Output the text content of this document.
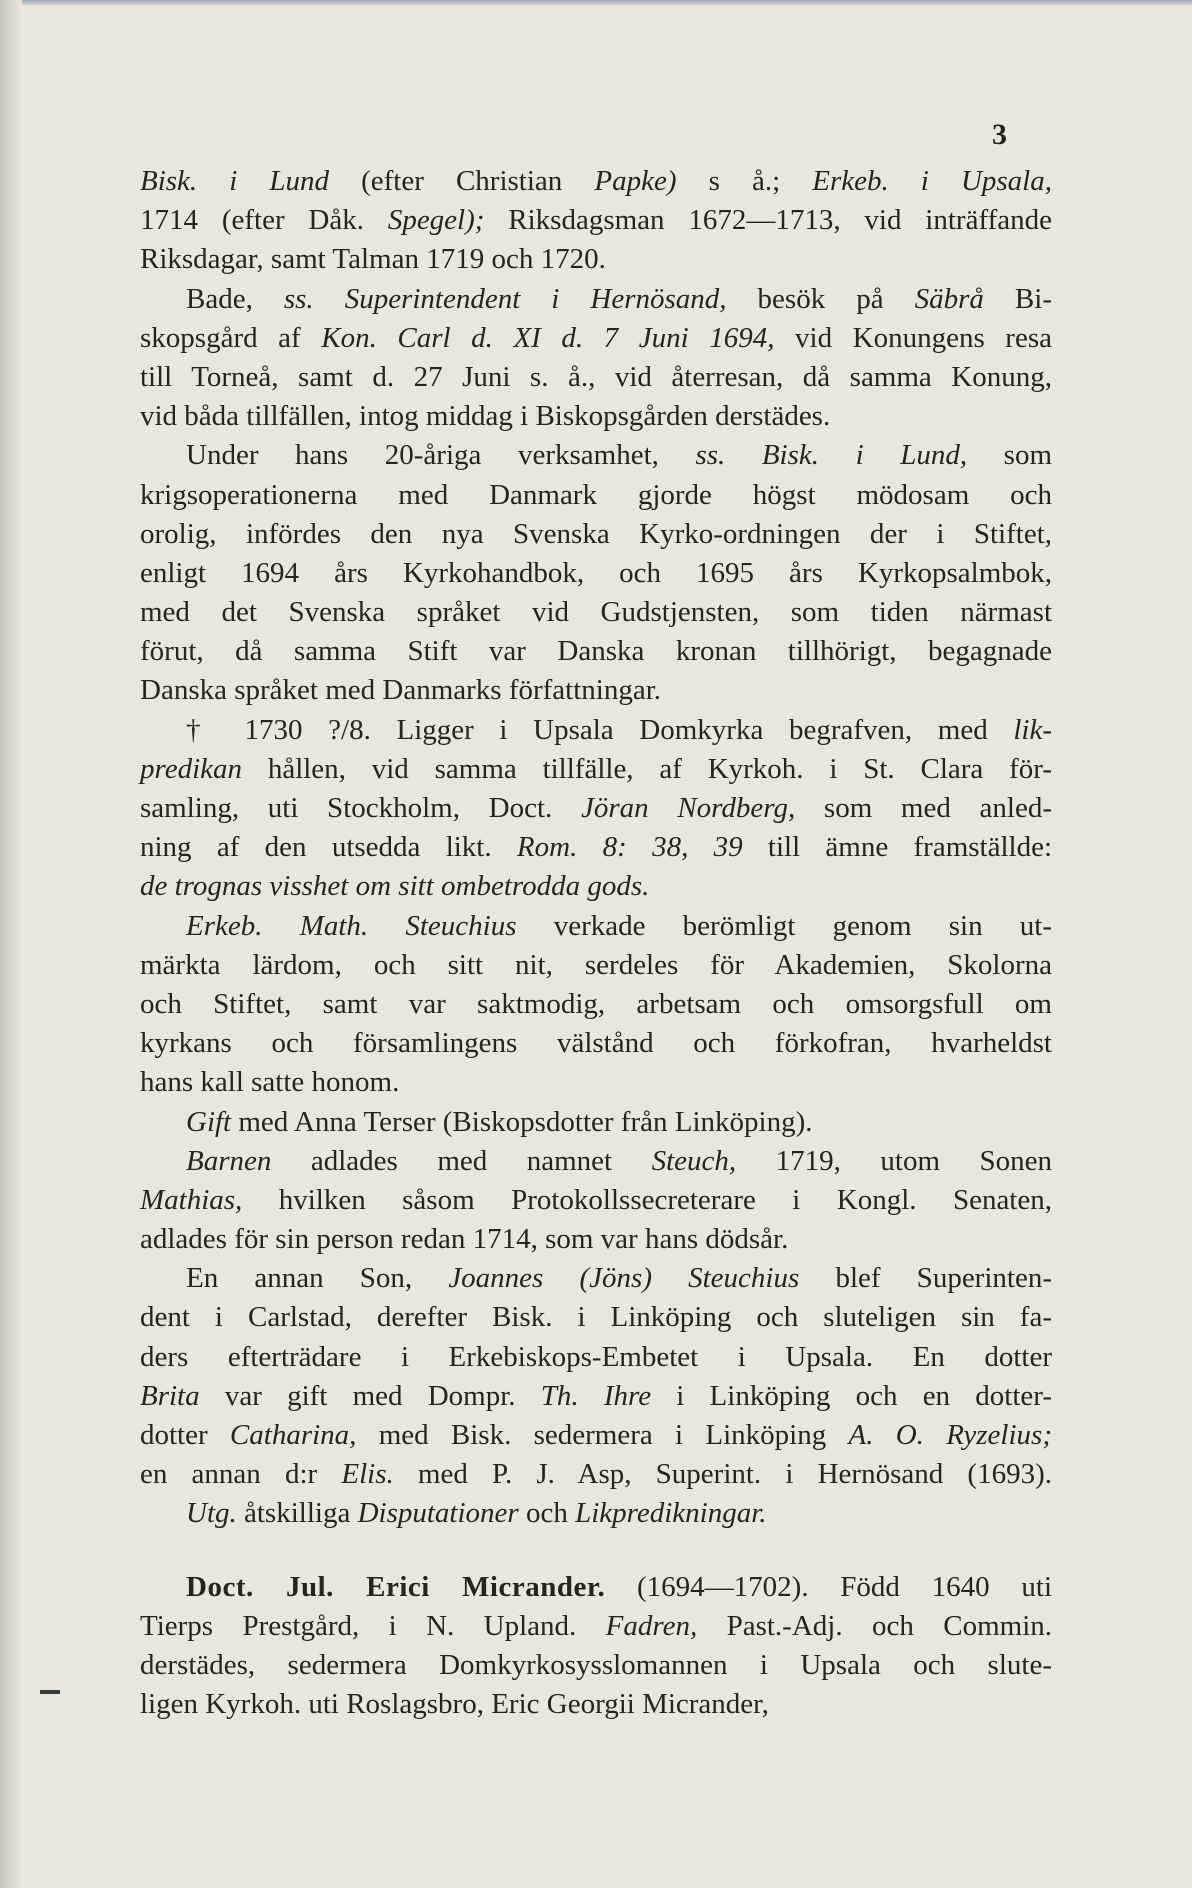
3
Bisk. i Lund (efter Christian Papke) s å.; Erkeb. i Upsala,
1714 (efter Dåk. Spegel); Riksdagsman 1672—1713, vid inträffande
Riksdagar, samt Talman 1719 och 1720.
Bade, ss. Superintendent i Hernösand, besök på Säbrå Bi-
skopsgård af Kon. Carl d. XI d. 7 Juni 1694, vid Konungens resa
till Torneå, samt d. 27 Juni s. å., vid återresan, då samma Konung,
vid båda tillfällen, intog middag i Biskopsgården derstädes.
Under hans 20-åriga verksamhet, ss. Bisk. i Lund, som
krigsoperationerna med Danmark gjorde högst mödosam och
orolig, infördes den nya Svenska Kyrko-ordningen der i Stiftet,
enligt 1694 års Kyrkohandbok, och 1695 års Kyrkopsalmbok,
med det Svenska språket vid Gudstjensten, som tiden närmast
förut, då samma Stift var Danska kronan tillhörigt, begagnade
Danska språket med Danmarks författningar.
† 1730 ?/8. Ligger i Upsala Domkyrka begrafven, med lik-
predikan hållen, vid samma tillfälle, af Kyrkoh. i St. Clara för-
samling, uti Stockholm, Doct. Jöran Nordberg, som med anled-
ning af den utsedda likt. Rom. 8: 38, 39 till ämne framställde:
de trognas visshet om sitt ombetrodda gods.
Erkeb. Math. Steuchius verkade berömligt genom sin ut-
märkta lärdom, och sitt nit, serdeles för Akademien, Skolorna
och Stiftet, samt var saktmodig, arbetsam och omsorgsfull om
kyrkans och församlingens välstånd och förkofran, hvarheldst
hans kall satte honom.
Gift med Anna Terser (Biskopsdotter från Linköping).
Barnen adlades med namnet Steuch, 1719, utom Sonen
Mathias, hvilken såsom Protokollssecreterare i Kongl. Senaten,
adlades för sin person redan 1714, som var hans dödsår.
En annan Son, Joannes (Jöns) Steuchius blef Superinten-
dent i Carlstad, derefter Bisk. i Linköping och sluteligen sin fa-
ders efterträdare i Erkebiskops-Embetet i Upsala. En dotter
Brita var gift med Dompr. Th. Ihre i Linköping och en dotter-
dotter Catharina, med Bisk. sedermera i Linköping A. O. Ryzelius;
en annan d:r Elis. med P. J. Asp, Superint. i Hernösand (1693).
Utg. åtskilliga Disputationer och Likpredikningar.
Doct. Jul. Erici Micrander. (1694—1702). Född 1640 uti
Tierps Prestgård, i N. Upland. Fadren, Past.-Adj. och Commin.
derstädes, sedermera Domkyrkosysslomannen i Upsala och slute-
ligen Kyrkoh. uti Roslagsbro, Eric Georgii Micrander,
